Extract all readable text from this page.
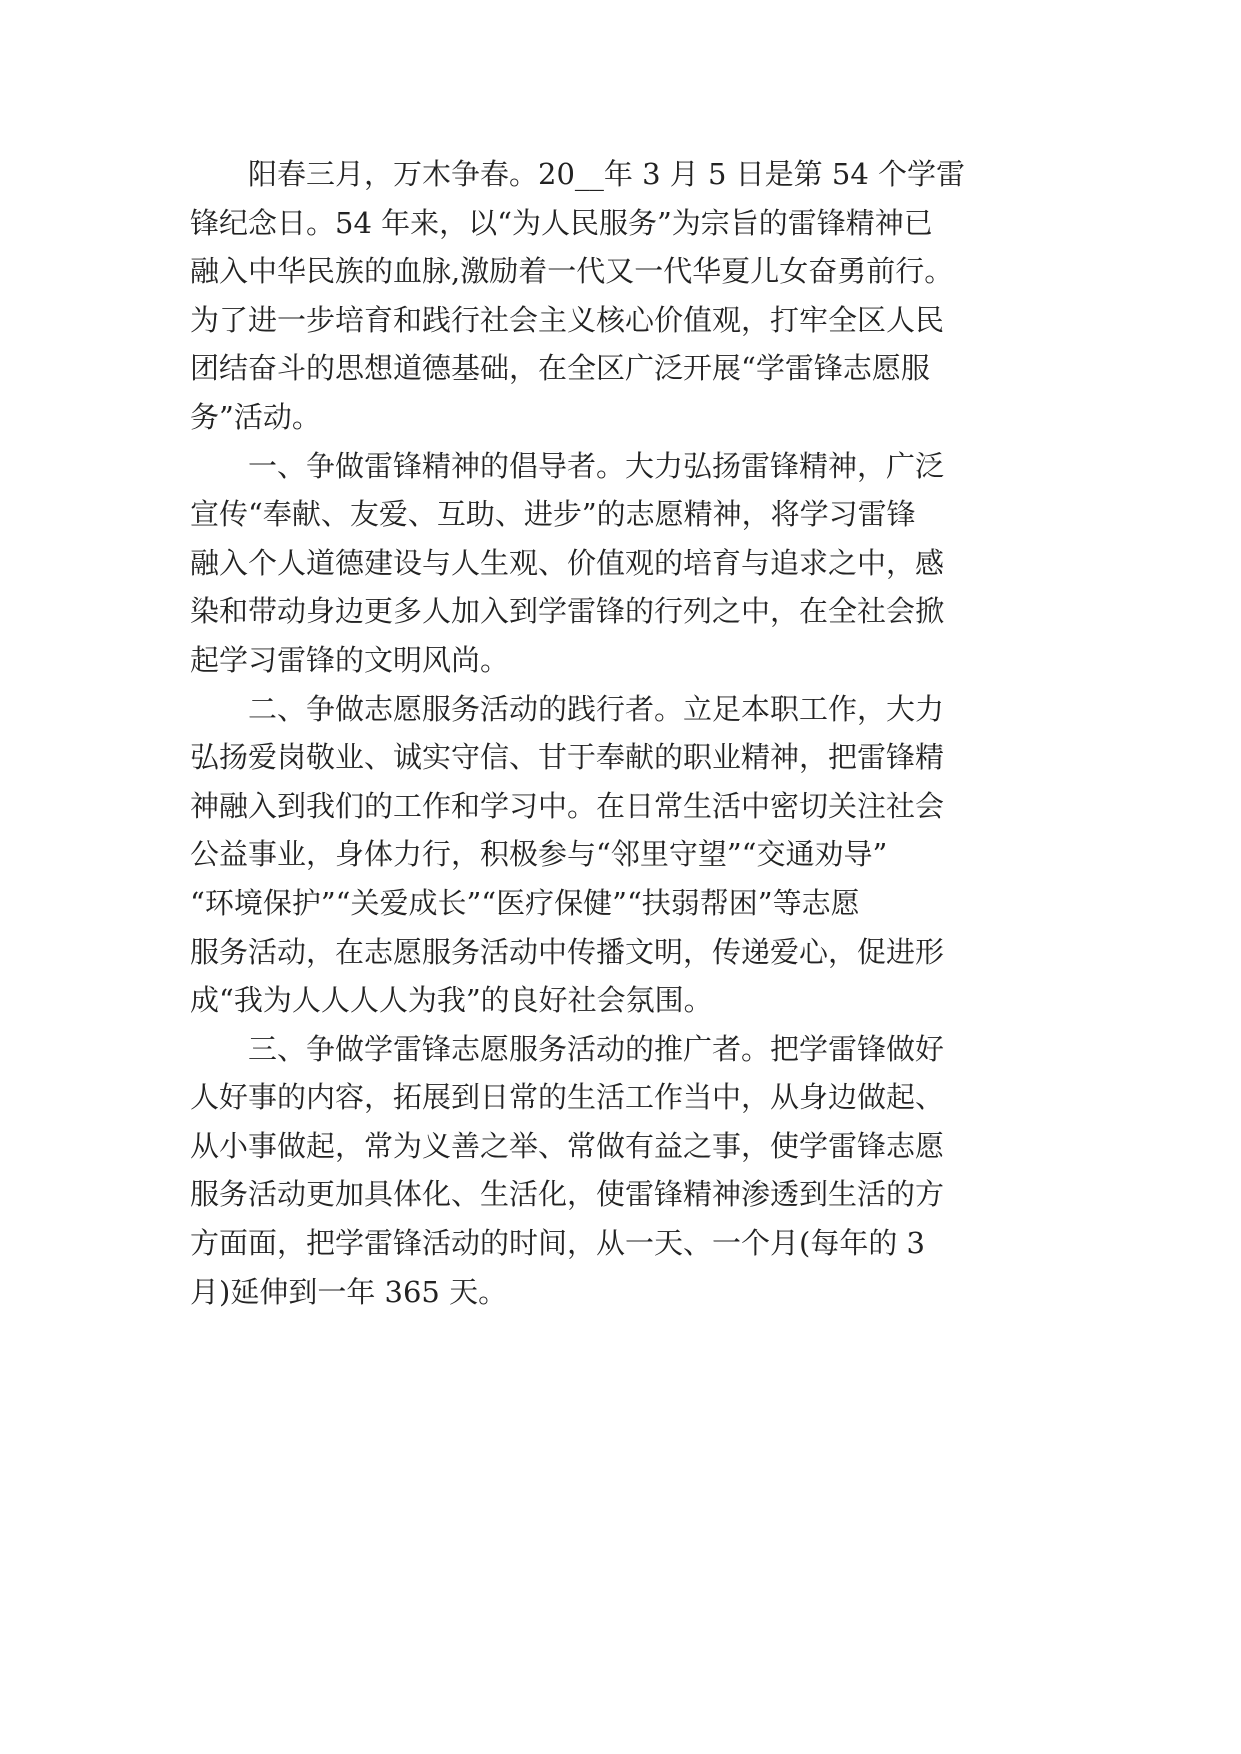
阳春三月，万木争春。20__年 3 月 5 日是第 54 个学雷
锋纪念日。54 年来，以“为人民服务”为宗旨的雷锋精神已
融入中华民族的血脉,激励着一代又一代华夏儿女奋勇前行。
为了进一步培育和践行社会主义核心价值观，打牢全区人民
团结奋斗的思想道德基础，在全区广泛开展“学雷锋志愿服
务”活动。

一、争做雷锋精神的倡导者。大力弘扬雷锋精神，广泛
宣传“奉献、友爱、互助、进步”的志愿精神，将学习雷锋
融入个人道德建设与人生观、价值观的培育与追求之中，感
染和带动身边更多人加入到学雷锋的行列之中，在全社会掀
起学习雷锋的文明风尚。

二、争做志愿服务活动的践行者。立足本职工作，大力
弘扬爱岗敬业、诚实守信、甘于奉献的职业精神，把雷锋精
神融入到我们的工作和学习中。在日常生活中密切关注社会
公益事业，身体力行，积极参与“邻里守望”“交通劝导”
“环境保护”“关爱成长”“医疗保健”“扶弱帮困”等志愿
服务活动，在志愿服务活动中传播文明，传递爱心，促进形
成“我为人人人人为我”的良好社会氛围。

三、争做学雷锋志愿服务活动的推广者。把学雷锋做好
人好事的内容，拓展到日常的生活工作当中，从身边做起、
从小事做起，常为义善之举、常做有益之事，使学雷锋志愿
服务活动更加具体化、生活化，使雷锋精神渗透到生活的方
方面面，把学雷锋活动的时间，从一天、一个月(每年的 3
月)延伸到一年 365 天。
